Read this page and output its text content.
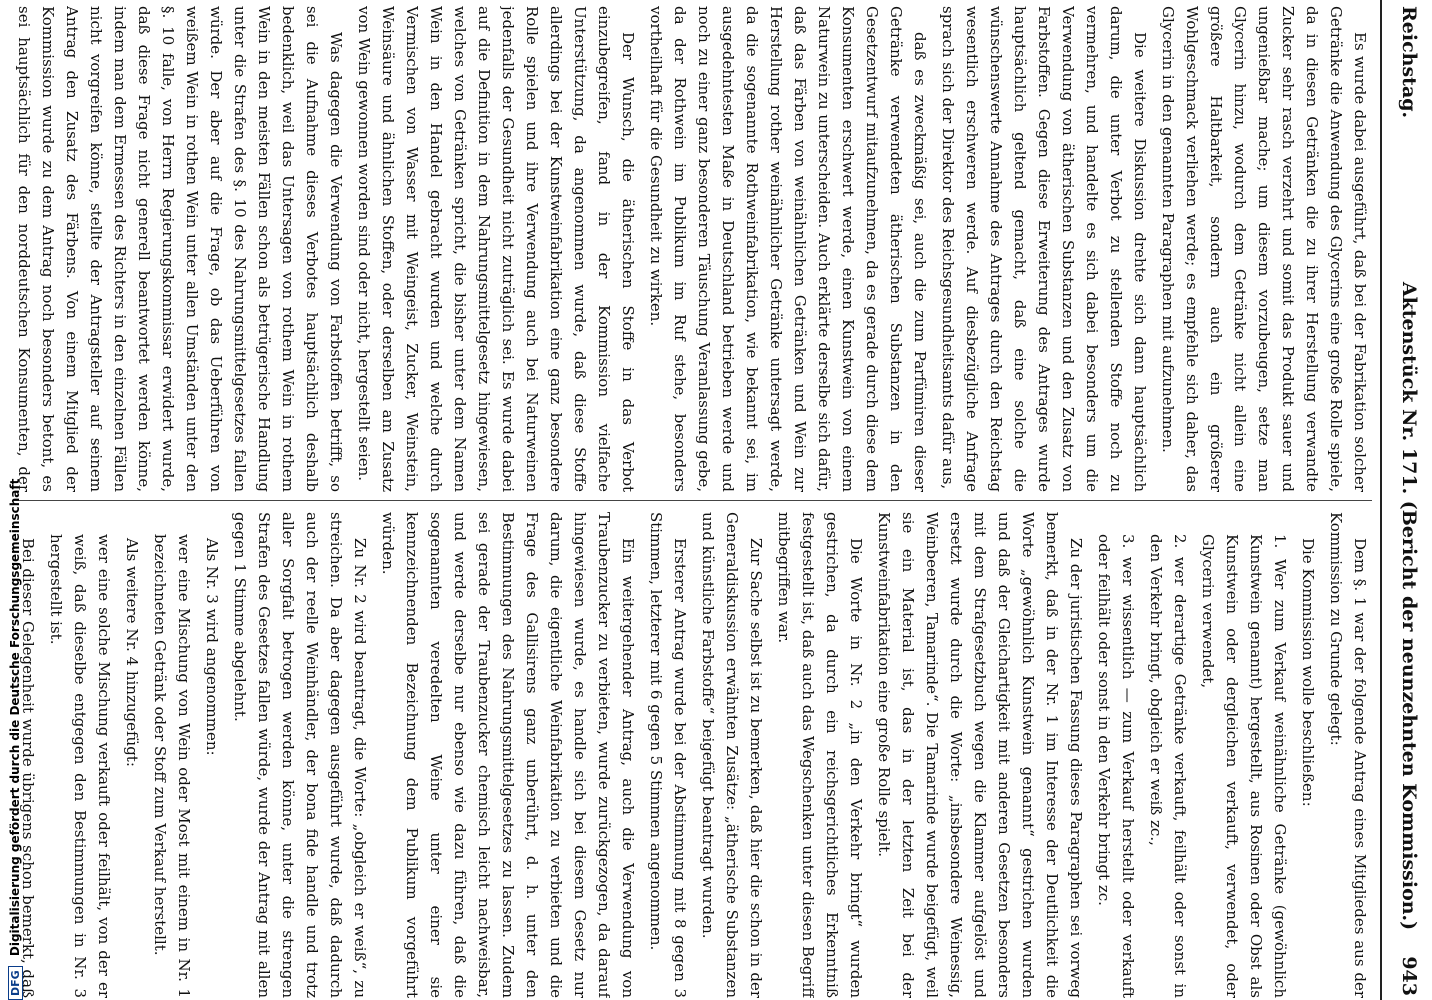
Reichstag.
Aktenstück Nr. 171. (Bericht der neunzehnten Kommission.)
943

Es wurde dabei ausgeführt, daß bei der Fabrikation solcher Getränke die Anwendung des Glycerins eine große Rolle spiele, da in diesen Getränken die zu ihrer Herstellung verwandte Zucker sehr rasch verzehrt und somit das Produkt sauer und ungenießbar mache; um diesem vorzubeugen, setze man Glycerin hinzu, wodurch dem Getränke nicht allein eine größere Haltbarkeit, sondern auch ein größerer Wohlgeschmack verliehen werde; es empfehle sich daher, das Glycerin in den genannten Paragraphen mit aufzunehmen.

Die weitere Diskussion drehte sich dann hauptsächlich darum, die unter Verbot zu stellenden Stoffe noch zu vermehren, und handelte es sich dabei besonders um die Verwendung von ätherischen Substanzen und den Zusatz von Farbstoffen. Gegen diese Erweiterung des Antrages wurde hauptsächlich geltend gemacht, daß eine solche die wünschenswerte Annahme des Antrages durch den Reichstag wesentlich erschweren werde. Auf diesbezügliche Anfrage sprach sich der Direktor des Reichsgesundheitsamts dafür aus,

daß es zweckmäßig sei, auch die zum Parfümiren dieser Getränke verwendeten ätherischen Substanzen in den Gesetzentwurf mitaufzunehmen, da es gerade durch diese dem Konsumenten erschwert werde, einen Kunstwein von einem Naturwein zu unterscheiden. Auch erklärte derselbe sich dafür, daß das Färben von weinähnlichen Getränken und Wein zur Herstellung rother weinähnlicher Getränke untersagt werde, da die sogenannte Rothweinfabrikation, wie bekannt sei, im ausgedehntesten Maße in Deutschland betrieben werde und noch zu einer ganz besonderen Täuschung Veranlassung gebe, da der Rothwein im Publikum im Ruf stehe, besonders vortheilhaft für die Gesundheit zu wirken.

Der Wunsch, die ätherischen Stoffe in das Verbot einzubegreifen, fand in der Kommission vielfache Unterstützung, da angenommen wurde, daß diese Stoffe allerdings bei der Kunstweinfabrikation eine ganz besondere Rolle spielen und ihre Verwendung auch bei Naturweinen jedenfalls der Gesundheit nicht zuträglich sei. Es wurde dabei auf die Definition in dem Nahrungsmittelgesetz hingewiesen, welches von Getränken spricht, die bisher unter dem Namen Wein in den Handel gebracht wurden und welche durch Vermischen von Wasser mit Weingeist, Zucker, Weinstein, Weinsäure und ähnlichen Stoffen, oder derselben am Zusatz von Wein gewonnen worden sind oder nicht, hergestellt seien.

Was dagegen die Verwendung von Farbstoffen betrifft, so sei die Aufnahme dieses Verbotes hauptsächlich deshalb bedenklich, weil das Untersagen von rothem Wein in rothem Wein in den meisten Fällen schon als betrügerische Handlung unter die Strafen des §. 10 des Nahrungsmittelgesetzes fallen würde. Der aber auf die Frage, ob das Ueberführen von weißem Wein in rothen Wein unter allen Umständen unter den §. 10 falle, von Herrn Regierungskommissar erwidert wurde, daß diese Frage nicht generell beantwortet werden könne, indem man dem Ermessen des Richters in den einzelnen Fällen nicht vorgreifen könne, stellte der Antragsteller auf seinem Antrag den Zusatz des Färbens. Von einem Mitglied der Kommission wurde zu dem Antrag noch besonders betont, es sei hauptsächlich für den norddeutschen Konsumenten, der

Dem §. 1 war der folgende Antrag eines Mitgliedes aus der Kommission zu Grunde gelegt:

Die Kommission wolle beschließen:

1. Wer zum Verkauf weinähnliche Getränke (gewöhnlich Kunstwein genannt) hergestellt, aus Rosinen oder Obst als Kunstwein oder dergleichen verkauft, verwendet, oder Glycerin verwendet,

2. wer derartige Getränke verkauft, feilhält oder sonst in den Verkehr bringt, obgleich er weiß zc.,

3. wer wissentlich — zum Verkauf herstellt oder verkauft oder feilhält oder sonst in den Verkehr bringt zc.

Zu der juristischen Fassung dieses Paragraphen sei vorweg bemerkt, daß in der Nr. 1 im Interesse der Deutlichkeit die Worte „gewöhnlich Kunstwein genannt“ gestrichen wurden und daß der Gleichartigkeit mit anderen Gesetzen besonders mit dem Strafgesetzbuch wegen die Klammer aufgelöst und ersetzt wurde durch die Worte: „insbesondere Weinessig, Weinbeeren, Tamarinde“. Die Tamarinde wurde beigefügt, weil sie ein Material ist, das in der letzten Zeit bei der Kunstweinfabrikation eine große Rolle spielt.

Die Worte in Nr. 2 „in den Verkehr bringt“ wurden gestrichen, da durch ein reichsgerichtliches Erkenntniß festgestellt ist, daß auch das Wegschenken unter diesen Begriff mitbegriffen war.

Zur Sache selbst ist zu bemerken, daß hier die schon in der Generaldiskussion erwähnten Zusätze: „ätherische Substanzen und künstliche Farbstoffe“ beigefügt beantragt wurden.

Ersterer Antrag wurde bei der Abstimmung mit 8 gegen 3 Stimmen, letzterer mit 6 gegen 5 Stimmen angenommen.

Ein weitergehender Antrag, auch die Verwendung von Traubenzucker zu verbieten, wurde zurückgezogen, da darauf hingewiesen wurde, es handle sich bei diesem Gesetz nur darum, die eigentliche Weinfabrikation zu verbieten und die Frage des Gallisirens ganz unberührt, d. h. unter den Bestimmungen des Nahrungsmittelgesetzes zu lassen. Zudem sei gerade der Traubenzucker chemisch leicht nachweisbar, und werde derselbe nur ebenso wie dazu führen, daß die sogenannten veredelten Weine unter einer sie kennzeichnenden Bezeichnung dem Publikum vorgeführt würden.

Zu Nr. 2 wird beantragt, die Worte: „obgleich er weiß“, zu streichen. Da aber dagegen ausgeführt wurde, daß dadurch auch der reelle Weinhändler, der bona fide handle und trotz aller Sorgfalt betrogen werden könne, unter die strengen Strafen des Gesetzes fallen würde, wurde der Antrag mit allen gegen 1 Stimme abgelehnt.

Als Nr. 3 wird angenommen:

wer eine Mischung von Wein oder Most mit einem in Nr. 1 bezeichneten Getränk oder Stoff zum Verkauf herstellt.

Als weitere Nr. 4 hinzugefügt:

wer eine solche Mischung verkauft oder feilhält, von der er weiß, daß dieselbe entgegen den Bestimmungen in Nr. 3 hergestellt ist.

Bei dieser Gelegenheit wurde übrigens schon bemerkt, daß

DFG Digitalisierung gefördert durch die Deutsche Forschungsgemeinschaft
